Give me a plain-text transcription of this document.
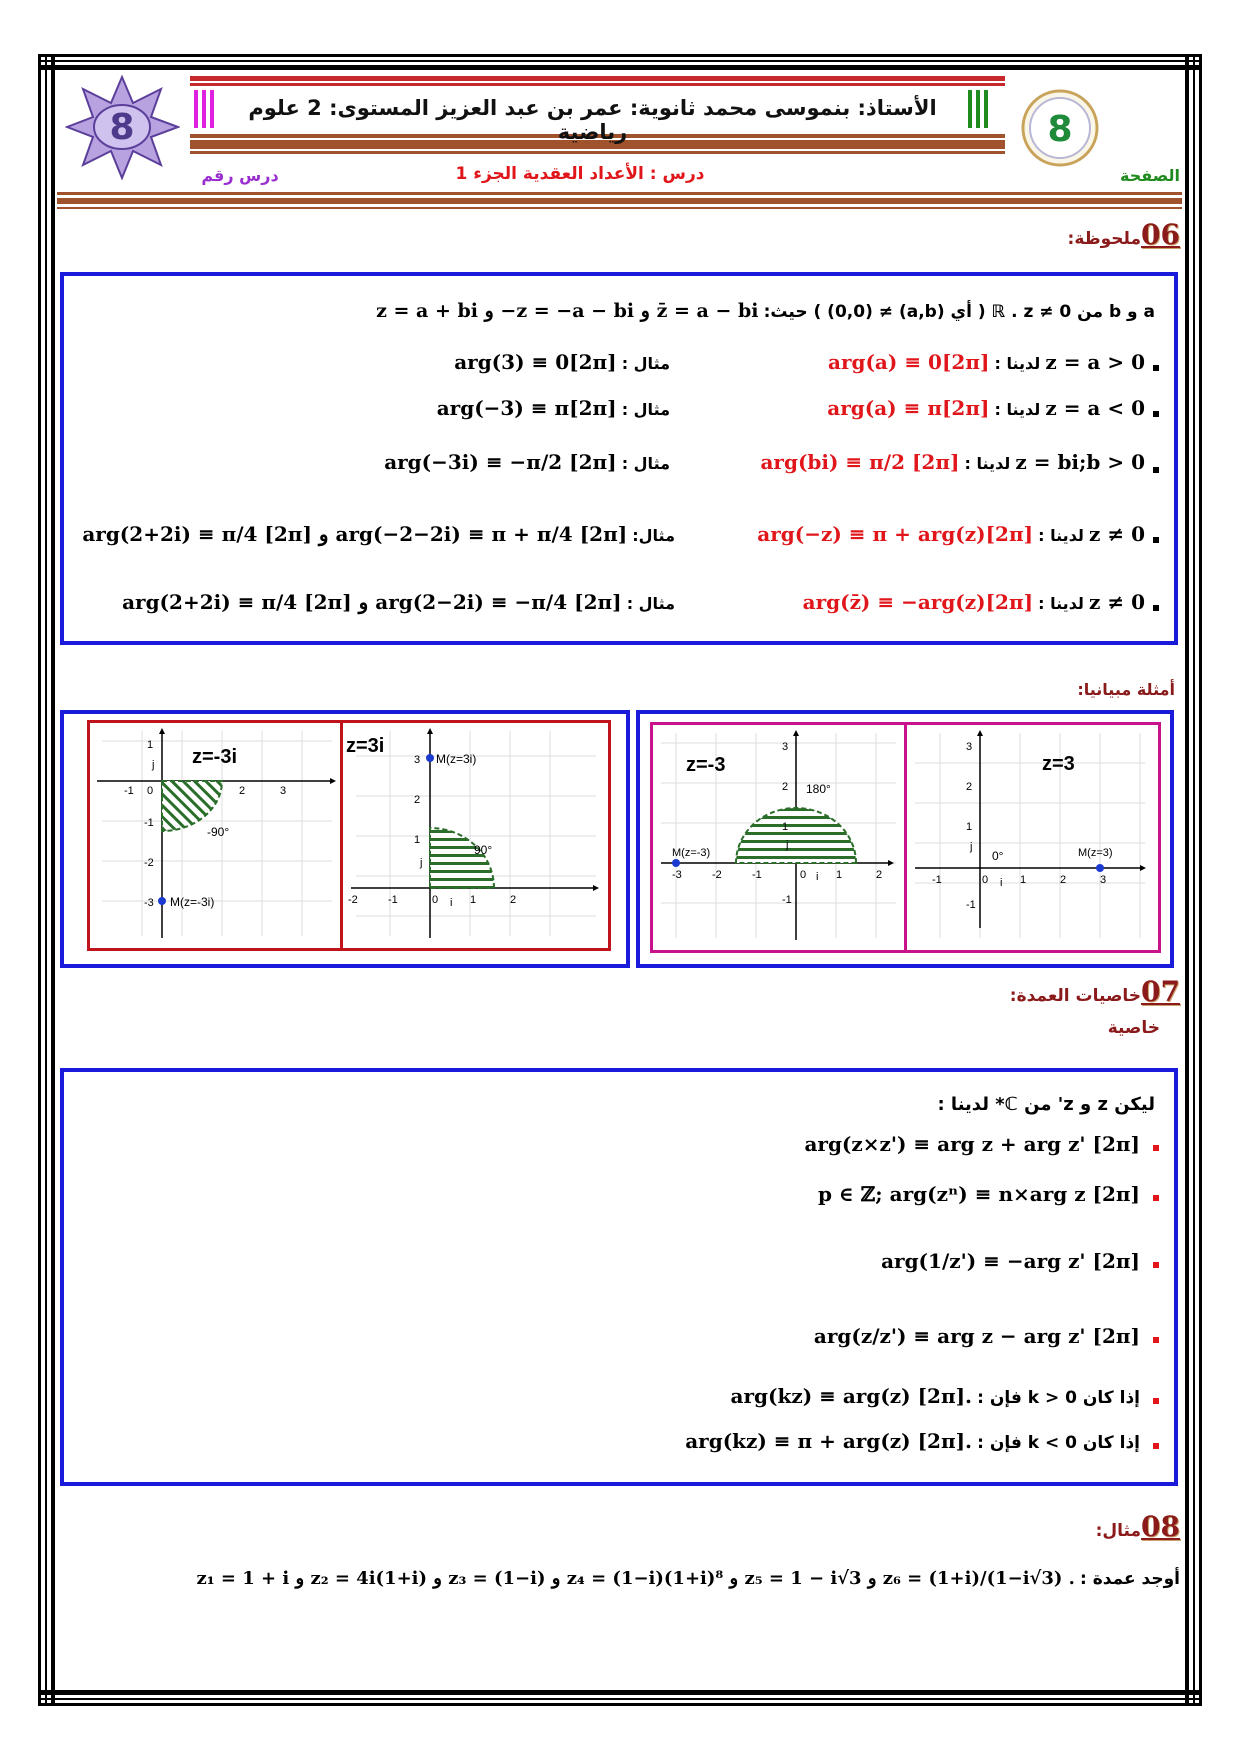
8	الأستاذ: بنموسى محمد ثانوية: عمر بن عبد العزيز المستوى: 2 علوم رياضية	8
الصفحة
درس : الأعداد العقدية الجزء 1
درس رقم
06ملحوظة:
a و b من ℝ . z ≠ 0 ( أي (a,b) ≠ (0,0) ) حيث: z = a + bi و −z = −a − bi و z̄ = a − bi
z = a > 0 لدينا : arg(a) ≡ 0[2π]
مثال : arg(3) ≡ 0[2π]
z = a < 0 لدينا : arg(a) ≡ π[2π]
مثال : arg(−3) ≡ π[2π]
z = bi;b > 0 لدينا : arg(bi) ≡ π/2 [2π]
مثال : arg(−3i) ≡ −π/2 [2π]
z ≠ 0 لدينا : arg(−z) ≡ π + arg(z)[2π]
مثال: arg(2+2i) ≡ π/4 [2π] و arg(−2−2i) ≡ π + π/4 [2π]
z ≠ 0 لدينا : arg(z̄) ≡ −arg(z)[2π]
مثال : arg(2+2i) ≡ π/4 [2π] و arg(2−2i) ≡ −π/4 [2π]
أمثلة مبيانيا:
z=-3i
-90°
M(z=-3i)
1
j
-1 0	2	3
-1
-2
-3
z=3i
90°
M(z=3i)
3
2
1
j
-2	-1	0 i 1	2
z=-3
180°
M(z=-3)
3
2
1
j
-3	-2	-1	0 i 1	2
-1
z=3
0°	M(z=3)
3
2
1
j
-1	0 i 1	2	3
-1
07خاصيات العمدة:
خاصية
ليكن z و z' من ℂ* لدينا :
arg(z×z') ≡ arg z + arg z' [2π]
p ∈ ℤ; arg(zⁿ) ≡ n×arg z [2π]
arg(1/z') ≡ −arg z' [2π]
arg(z/z') ≡ arg z − arg z' [2π]
إذا كان k > 0 فإن : arg(kz) ≡ arg(z) [2π].
إذا كان k < 0 فإن : arg(kz) ≡ π + arg(z) [2π].
08مثال:
أوجد عمدة : z₁ = 1 + i و z₂ = 4i(1+i) و z₃ = (1−i) و z₄ = (1−i)(1+i)⁸ و z₅ = 1 − i√3 و z₆ = (1+i)/(1−i√3) .
